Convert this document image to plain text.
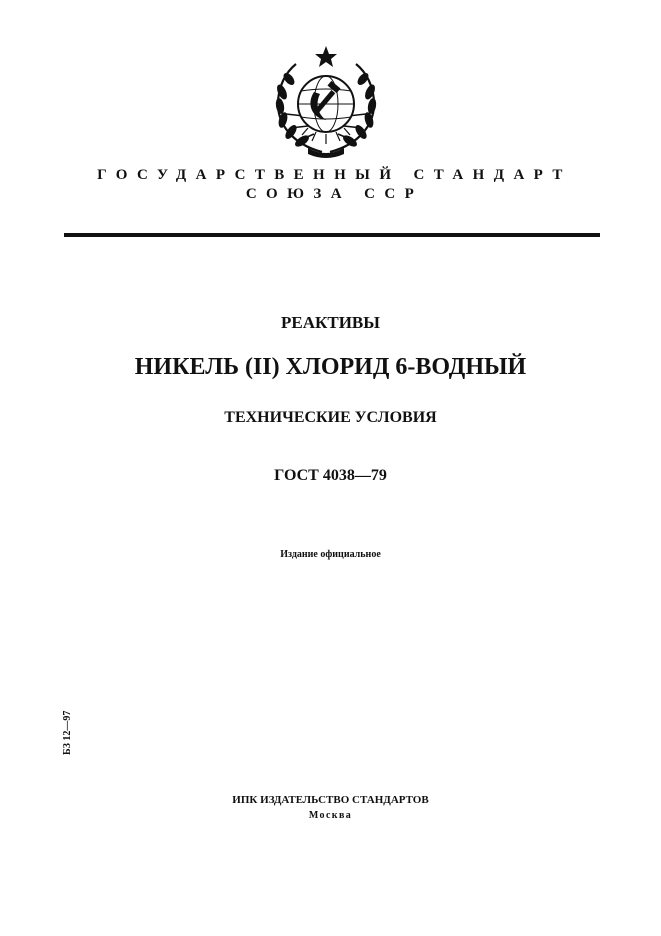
ГОСУДАРСТВЕННЫЙ СТАНДАРТ
СОЮЗА ССР
РЕАКТИВЫ
НИКЕЛЬ (II) ХЛОРИД 6-ВОДНЫЙ
ТЕХНИЧЕСКИЕ УСЛОВИЯ
ГОСТ 4038—79
Издание официальное
БЗ 12—97
ИПК ИЗДАТЕЛЬСТВО СТАНДАРТОВ
Москва
